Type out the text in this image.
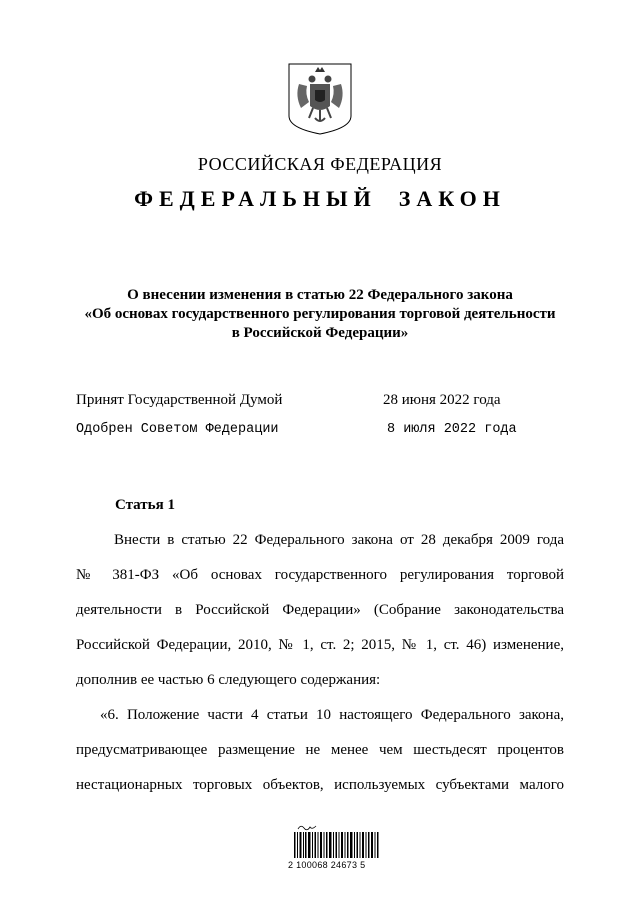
РОССИЙСКАЯ ФЕДЕРАЦИЯ
ФЕДЕРАЛЬНЫЙ ЗАКОН
О внесении изменения в статью 22 Федерального закона
«Об основах государственного регулирования торговой деятельности
в Российской Федерации»
Принят Государственной Думой	28 июня 2022 года
Одобрен Советом Федерации	8 июля 2022 года
Статья 1
Внести в статью 22 Федерального закона от 28 декабря 2009 года
№ 381-ФЗ «Об основах государственного регулирования торговой
деятельности в Российской Федерации» (Собрание законодательства
Российской Федерации, 2010, № 1, ст. 2; 2015, № 1, ст. 46) изменение,
дополнив ее частью 6 следующего содержания:
«6. Положение части 4 статьи 10 настоящего Федерального закона,
предусматривающее размещение не менее чем шестьдесят процентов
нестационарных торговых объектов, используемых субъектами малого
2 100068 24673 5
